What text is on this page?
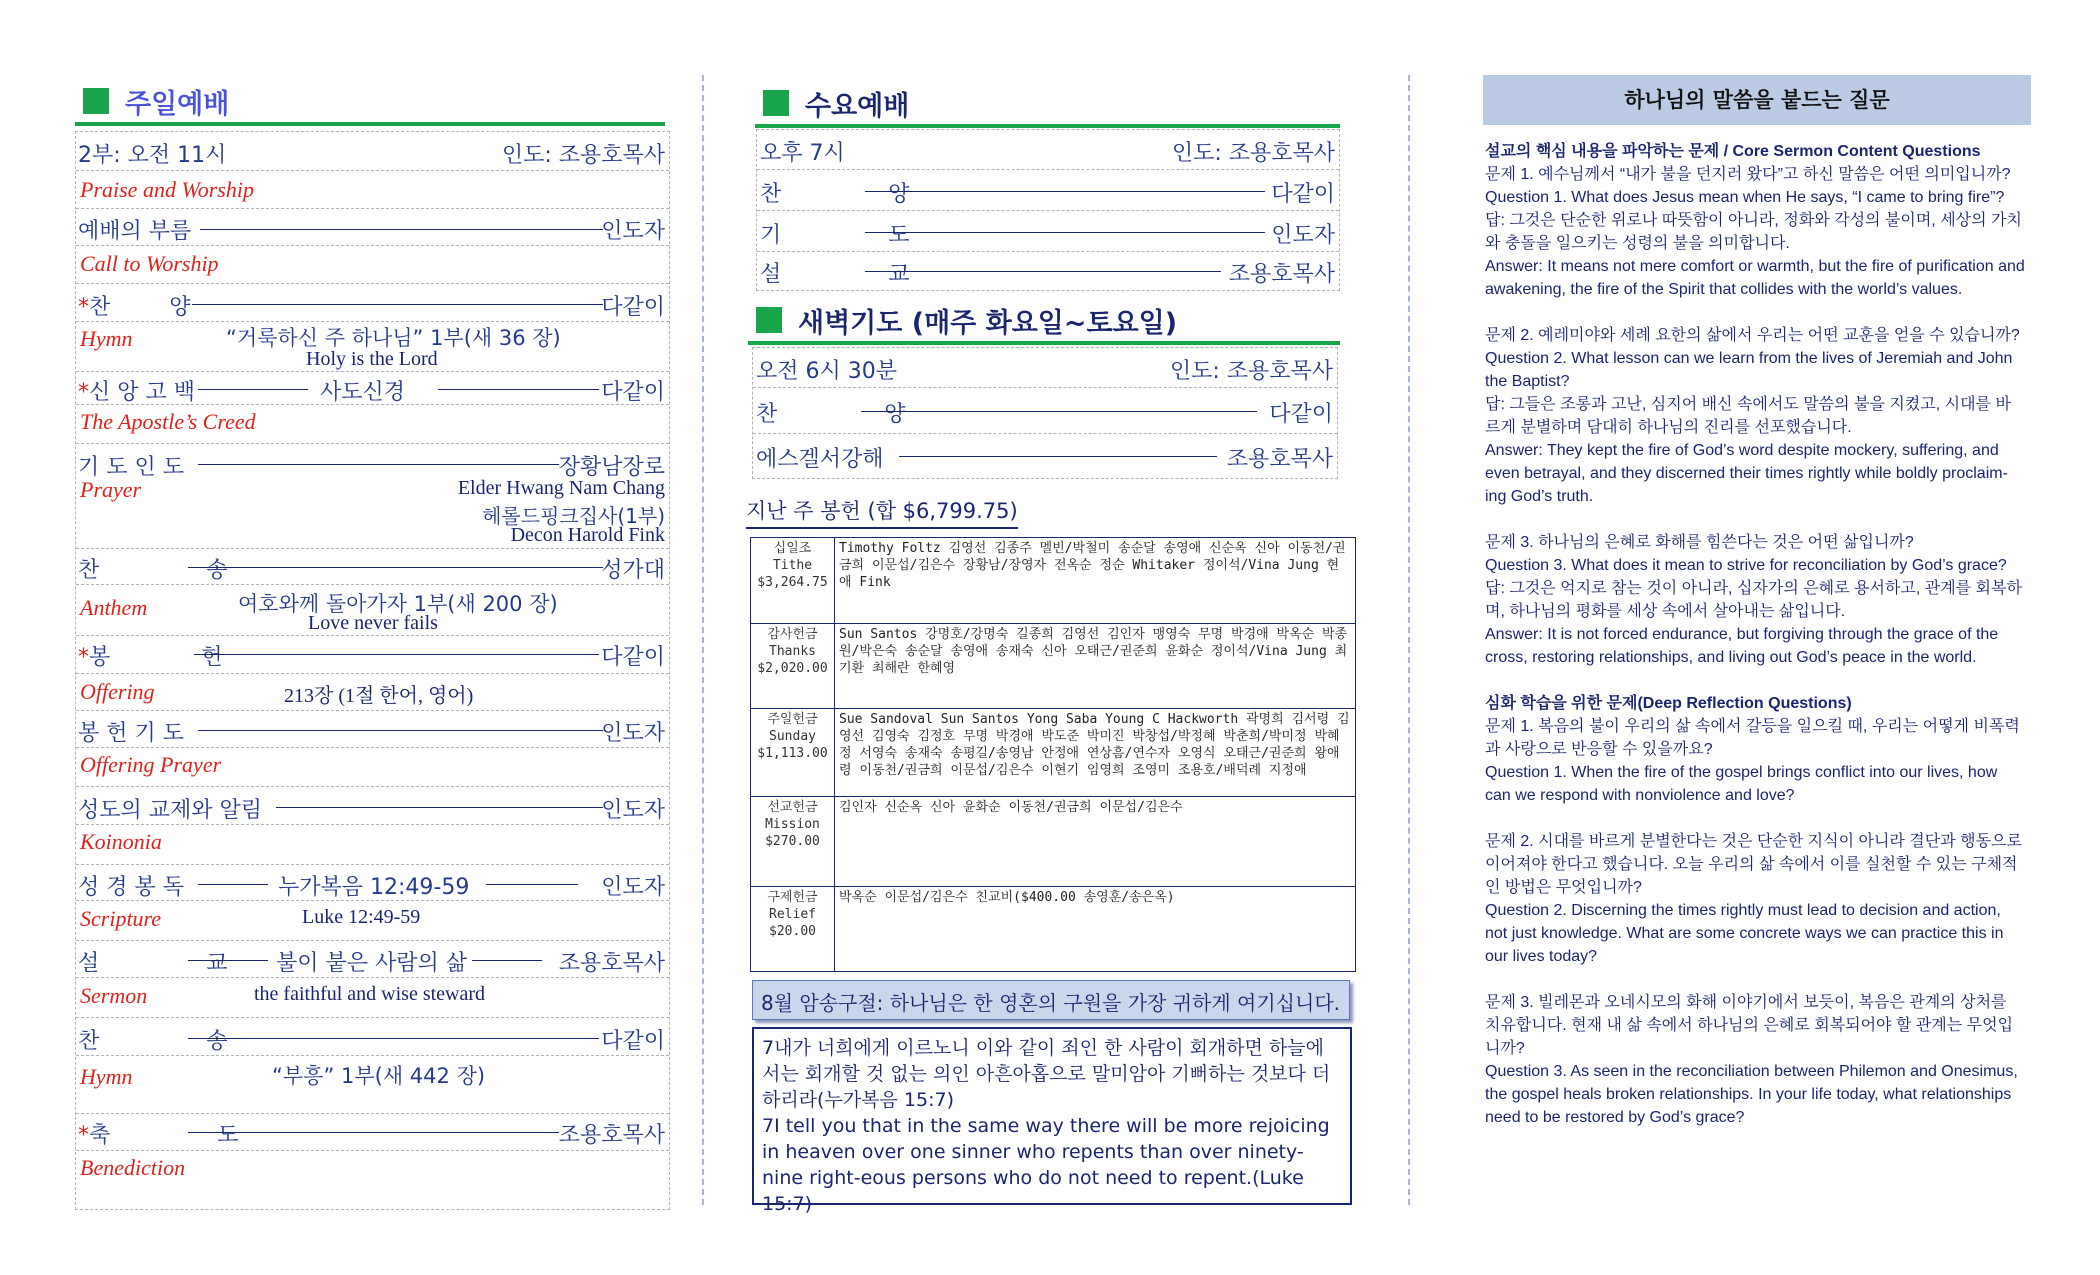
주일예배
2부: 오전 11시	인도: 조용호목사
Praise and Worship
예배의 부름	인도자
Call to Worship
*찬 양	다같이
Hymn	“거룩하신 주 하나님” 1부(새 36 장)
Holy is the Lord
*신 앙 고 백	사도신경	다같이
The Apostle’s Creed
기 도 인 도	장황남장로
Prayer	Elder Hwang Nam Chang
헤롤드핑크집사(1부)
Decon Harold Fink
찬 송	성가대
Anthem	여호와께 돌아가자 1부(새 200 장)
Love never fails
*봉 헌	다같이
Offering	213장 (1절 한어, 영어)
봉 헌 기 도	인도자
Offering Prayer
성도의 교제와 알림	인도자
Koinonia
성 경 봉 독	누가복음 12:49-59	인도자
Scripture	Luke 12:49-59
설 교
불이 붙은 사람의 삶	조용호목사
Sermon	the faithful and wise steward
찬 송	다같이
Hymn	“부흥” 1부(새 442 장)
*축 도	조용호목사
Benediction
수요예배
오후 7시	인도: 조용호목사
찬 양	다같이
기 도	인도자
설 교	조용호목사
새벽기도 (매주 화요일~토요일)
오전 6시 30분	인도: 조용호목사
찬 양	다같이
에스겔서강해	조용호목사
지난 주 봉헌 (합 $6,799.75)
십일조
Tithe
$3,264.75	Timothy Foltz 김영선 김종주 멜빈/박철미 송순달 송영애 신순옥 신아 이동천/권금희 이문섭/김은수 장황남/장영자 전옥순 정순 Whitaker 정이석/Vina Jung 현애 Fink
감사헌금
Thanks
$2,020.00	Sun Santos 강명호/강명숙 길종희 김영선 김인자 맹영숙 무명 박경애 박옥순 박종원/박은숙 송순달 송영애 송재숙 신아 오태근/권준희 윤화순 정이석/Vina Jung 최기환 최해란 한혜영
주일헌금
Sunday
$1,113.00	Sue Sandoval Sun Santos Yong Saba Young C Hackworth 곽명희 김서령 김영선 김영숙 김정호 무명 박경애 박도준 박미진 박창섭/박정혜 박춘희/박미정 박혜정 서영숙 송재숙 송평길/송영남 안정애 연상흠/연수자 오영식 오태근/권준희 왕애령 이동천/권금희 이문섭/김은수 이현기 임영희 조영미 조용호/배덕례 지정애
선교헌금
Mission
$270.00	김인자 신순옥 신아 윤화순 이동천/권금희 이문섭/김은수
구제헌금
Relief
$20.00	박옥순 이문섭/김은수 친교비($400.00 송영훈/송은옥)
8월 암송구절: 하나님은 한 영혼의 구원을 가장 귀하게 여기십니다.
7내가 너희에게 이르노니 이와 같이 죄인 한 사람이 회개하면 하늘에서는 회개할 것 없는 의인 아흔아홉으로 말미암아 기뻐하는 것보다 더하리라(누가복음 15:7)
7I tell you that in the same way there will be more rejoicing in heaven over one sinner who repents than over ninety-nine right-eous persons who do not need to repent.(Luke 15:7)
하나님의 말씀을 붙드는 질문
설교의 핵심 내용을 파악하는 문제 / Core Sermon Content Questions
문제 1. 예수님께서 “내가 불을 던지러 왔다”고 하신 말씀은 어떤 의미입니까?
Question 1. What does Jesus mean when He says, “I came to bring fire”?
답: 그것은 단순한 위로나 따뜻함이 아니라, 정화와 각성의 불이며, 세상의 가치와 충돌을 일으키는 성령의 불을 의미합니다.
Answer: It means not mere comfort or warmth, but the fire of purification and awakening, the fire of the Spirit that collides with the world’s values.
문제 2. 예레미야와 세례 요한의 삶에서 우리는 어떤 교훈을 얻을 수 있습니까?
Question 2. What lesson can we learn from the lives of Jeremiah and John the Baptist?
답: 그들은 조롱과 고난, 심지어 배신 속에서도 말씀의 불을 지켰고, 시대를 바르게 분별하며 담대히 하나님의 진리를 선포했습니다.
Answer: They kept the fire of God’s word despite mockery, suffering, and even betrayal, and they discerned their times rightly while boldly proclaim-ing God’s truth.
문제 3. 하나님의 은혜로 화해를 힘쓴다는 것은 어떤 삶입니까?
Question 3. What does it mean to strive for reconciliation by God’s grace?
답: 그것은 억지로 참는 것이 아니라, 십자가의 은혜로 용서하고, 관계를 회복하며, 하나님의 평화를 세상 속에서 살아내는 삶입니다.
Answer: It is not forced endurance, but forgiving through the grace of the cross, restoring relationships, and living out God’s peace in the world.
심화 학습을 위한 문제(Deep Reflection Questions)
문제 1. 복음의 불이 우리의 삶 속에서 갈등을 일으킬 때, 우리는 어떻게 비폭력과 사랑으로 반응할 수 있을까요?
Question 1. When the fire of the gospel brings conflict into our lives, how can we respond with nonviolence and love?
문제 2. 시대를 바르게 분별한다는 것은 단순한 지식이 아니라 결단과 행동으로 이어져야 한다고 했습니다. 오늘 우리의 삶 속에서 이를 실천할 수 있는 구체적인 방법은 무엇입니까?
Question 2. Discerning the times rightly must lead to decision and action, not just knowledge. What are some concrete ways we can practice this in our lives today?
문제 3. 빌레몬과 오네시모의 화해 이야기에서 보듯이, 복음은 관계의 상처를 치유합니다. 현재 내 삶 속에서 하나님의 은혜로 회복되어야 할 관계는 무엇입니까?
Question 3. As seen in the reconciliation between Philemon and Onesimus, the gospel heals broken relationships. In your life today, what relationships need to be restored by God’s grace?
